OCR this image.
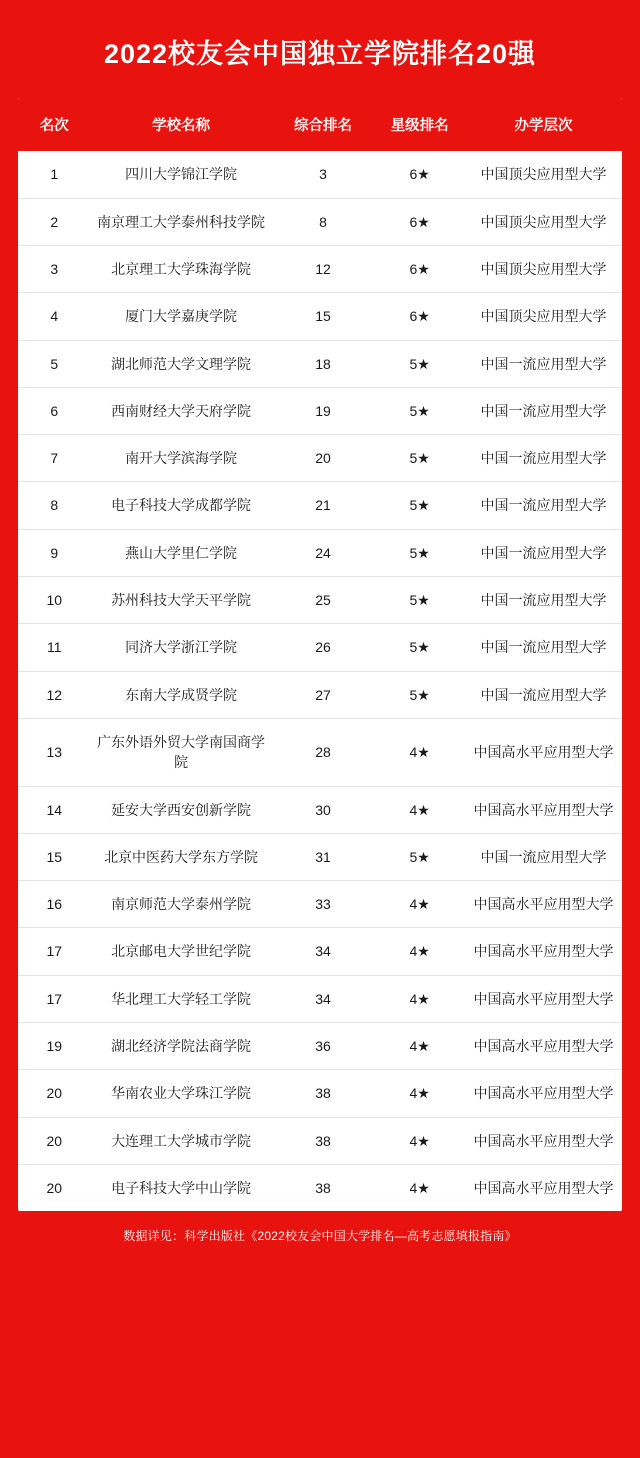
2022校友会中国独立学院排名20强
名次	学校名称	综合排名	星级排名	办学层次
1	四川大学锦江学院	3	6★	中国顶尖应用型大学
2	南京理工大学泰州科技学院	8	6★	中国顶尖应用型大学
3	北京理工大学珠海学院	12	6★	中国顶尖应用型大学
4	厦门大学嘉庚学院	15	6★	中国顶尖应用型大学
5	湖北师范大学文理学院	18	5★	中国一流应用型大学
6	西南财经大学天府学院	19	5★	中国一流应用型大学
7	南开大学滨海学院	20	5★	中国一流应用型大学
8	电子科技大学成都学院	21	5★	中国一流应用型大学
9	燕山大学里仁学院	24	5★	中国一流应用型大学
10	苏州科技大学天平学院	25	5★	中国一流应用型大学
11	同济大学浙江学院	26	5★	中国一流应用型大学
12	东南大学成贤学院	27	5★	中国一流应用型大学
13	广东外语外贸大学南国商学院	28	4★	中国高水平应用型大学
14	延安大学西安创新学院	30	4★	中国高水平应用型大学
15	北京中医药大学东方学院	31	5★	中国一流应用型大学
16	南京师范大学泰州学院	33	4★	中国高水平应用型大学
17	北京邮电大学世纪学院	34	4★	中国高水平应用型大学
17	华北理工大学轻工学院	34	4★	中国高水平应用型大学
19	湖北经济学院法商学院	36	4★	中国高水平应用型大学
20	华南农业大学珠江学院	38	4★	中国高水平应用型大学
20	大连理工大学城市学院	38	4★	中国高水平应用型大学
20	电子科技大学中山学院	38	4★	中国高水平应用型大学
数据详见：科学出版社《2022校友会中国大学排名—高考志愿填报指南》
